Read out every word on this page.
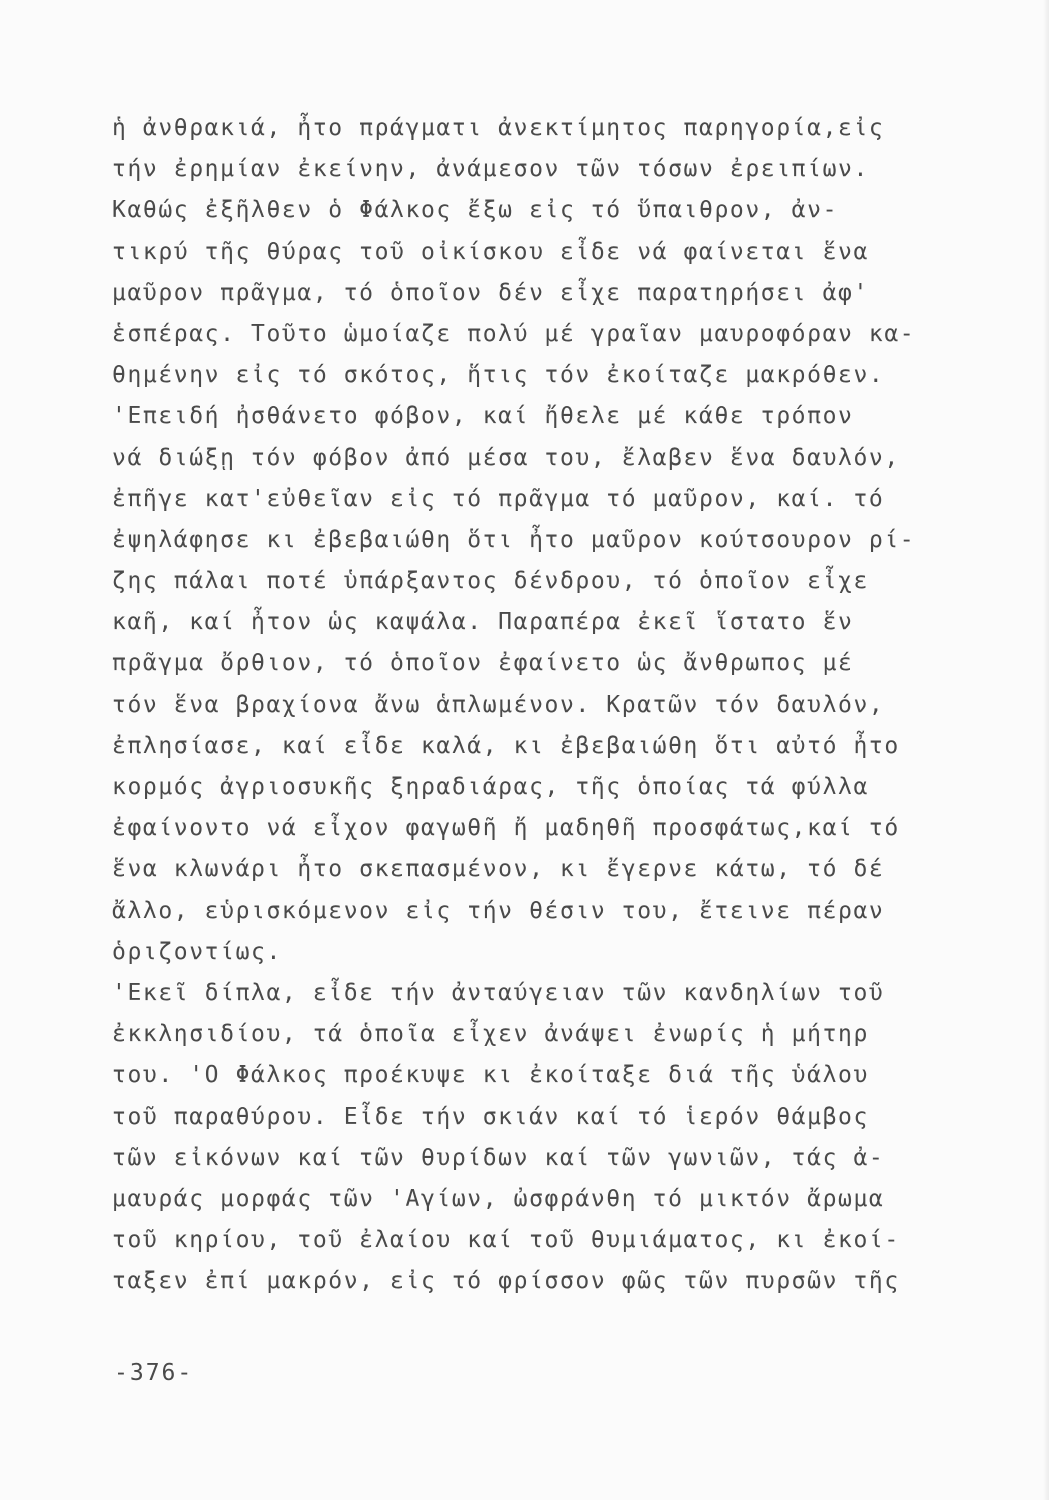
ἡ ἀνθρακιά, ἦτο πράγματι ἀνεκτίμητος παρηγορία,εἰς
τήν ἐρημίαν ἐκείνην, ἀνάμεσον τῶν τόσων ἐρειπίων.
Καθώς ἐξῆλθεν ὁ Φάλκος ἔξω εἰς τό ὕπαιθρον, ἀν-
τικρύ τῆς θύρας τοῦ οἰκίσκου εἶδε νά φαίνεται ἕνα
μαῦρον πρᾶγμα, τό ὁποῖον δέν εἶχε παρατηρήσει ἀφ'
ἑσπέρας. Τοῦτο ὡμοίαζε πολύ μέ γραῖαν μαυροφόραν κα-
θημένην εἰς τό σκότος, ἥτις τόν ἐκοίταζε μακρόθεν.
'Επειδή ἠσθάνετο φόβον, καί ἤθελε μέ κάθε τρόπον
νά διώξῃ τόν φόβον ἀπό μέσα του, ἔλαβεν ἕνα δαυλόν,
ἐπῆγε κατ'εὐθεῖαν εἰς τό πρᾶγμα τό μαῦρον, καί. τό
ἐψηλάφησε κι ἐβεβαιώθη ὅτι ἦτο μαῦρον κούτσουρον ρί-
ζης πάλαι ποτέ ὑπάρξαντος δένδρου, τό ὁποῖον εἶχε
καῆ, καί ἦτον ὡς καψάλα. Παραπέρα ἐκεῖ ἵστατο ἕν
πρᾶγμα ὄρθιον, τό ὁποῖον ἐφαίνετο ὡς ἄνθρωπος μέ
τόν ἕνα βραχίονα ἄνω ἁπλωμένον. Κρατῶν τόν δαυλόν,
ἐπλησίασε, καί εἶδε καλά, κι ἐβεβαιώθη ὅτι αὐτό ἦτο
κορμός ἀγριοσυκῆς ξηραδιάρας, τῆς ὁποίας τά φύλλα
ἐφαίνοντο νά εἶχον φαγωθῆ ἤ μαδηθῆ προσφάτως,καί τό
ἕνα κλωνάρι ἦτο σκεπασμένον, κι ἔγερνε κάτω, τό δέ
ἄλλο, εὑρισκόμενον εἰς τήν θέσιν του, ἔτεινε πέραν
ὁριζοντίως.
'Εκεῖ δίπλα, εἶδε τήν ἀνταύγειαν τῶν κανδηλίων τοῦ
ἐκκλησιδίου, τά ὁποῖα εἶχεν ἀνάψει ἐνωρίς ἡ μήτηρ
του. 'Ο Φάλκος προέκυψε κι ἐκοίταξε διά τῆς ὑάλου
τοῦ παραθύρου. Εἶδε τήν σκιάν καί τό ἱερόν θάμβος
τῶν εἰκόνων καί τῶν θυρίδων καί τῶν γωνιῶν, τάς ἀ-
μαυράς μορφάς τῶν 'Αγίων, ὠσφράνθη τό μικτόν ἄρωμα
τοῦ κηρίου, τοῦ ἐλαίου καί τοῦ θυμιάματος, κι ἐκοί-
ταξεν ἐπί μακρόν, εἰς τό φρίσσον φῶς τῶν πυρσῶν τῆς
-376-
